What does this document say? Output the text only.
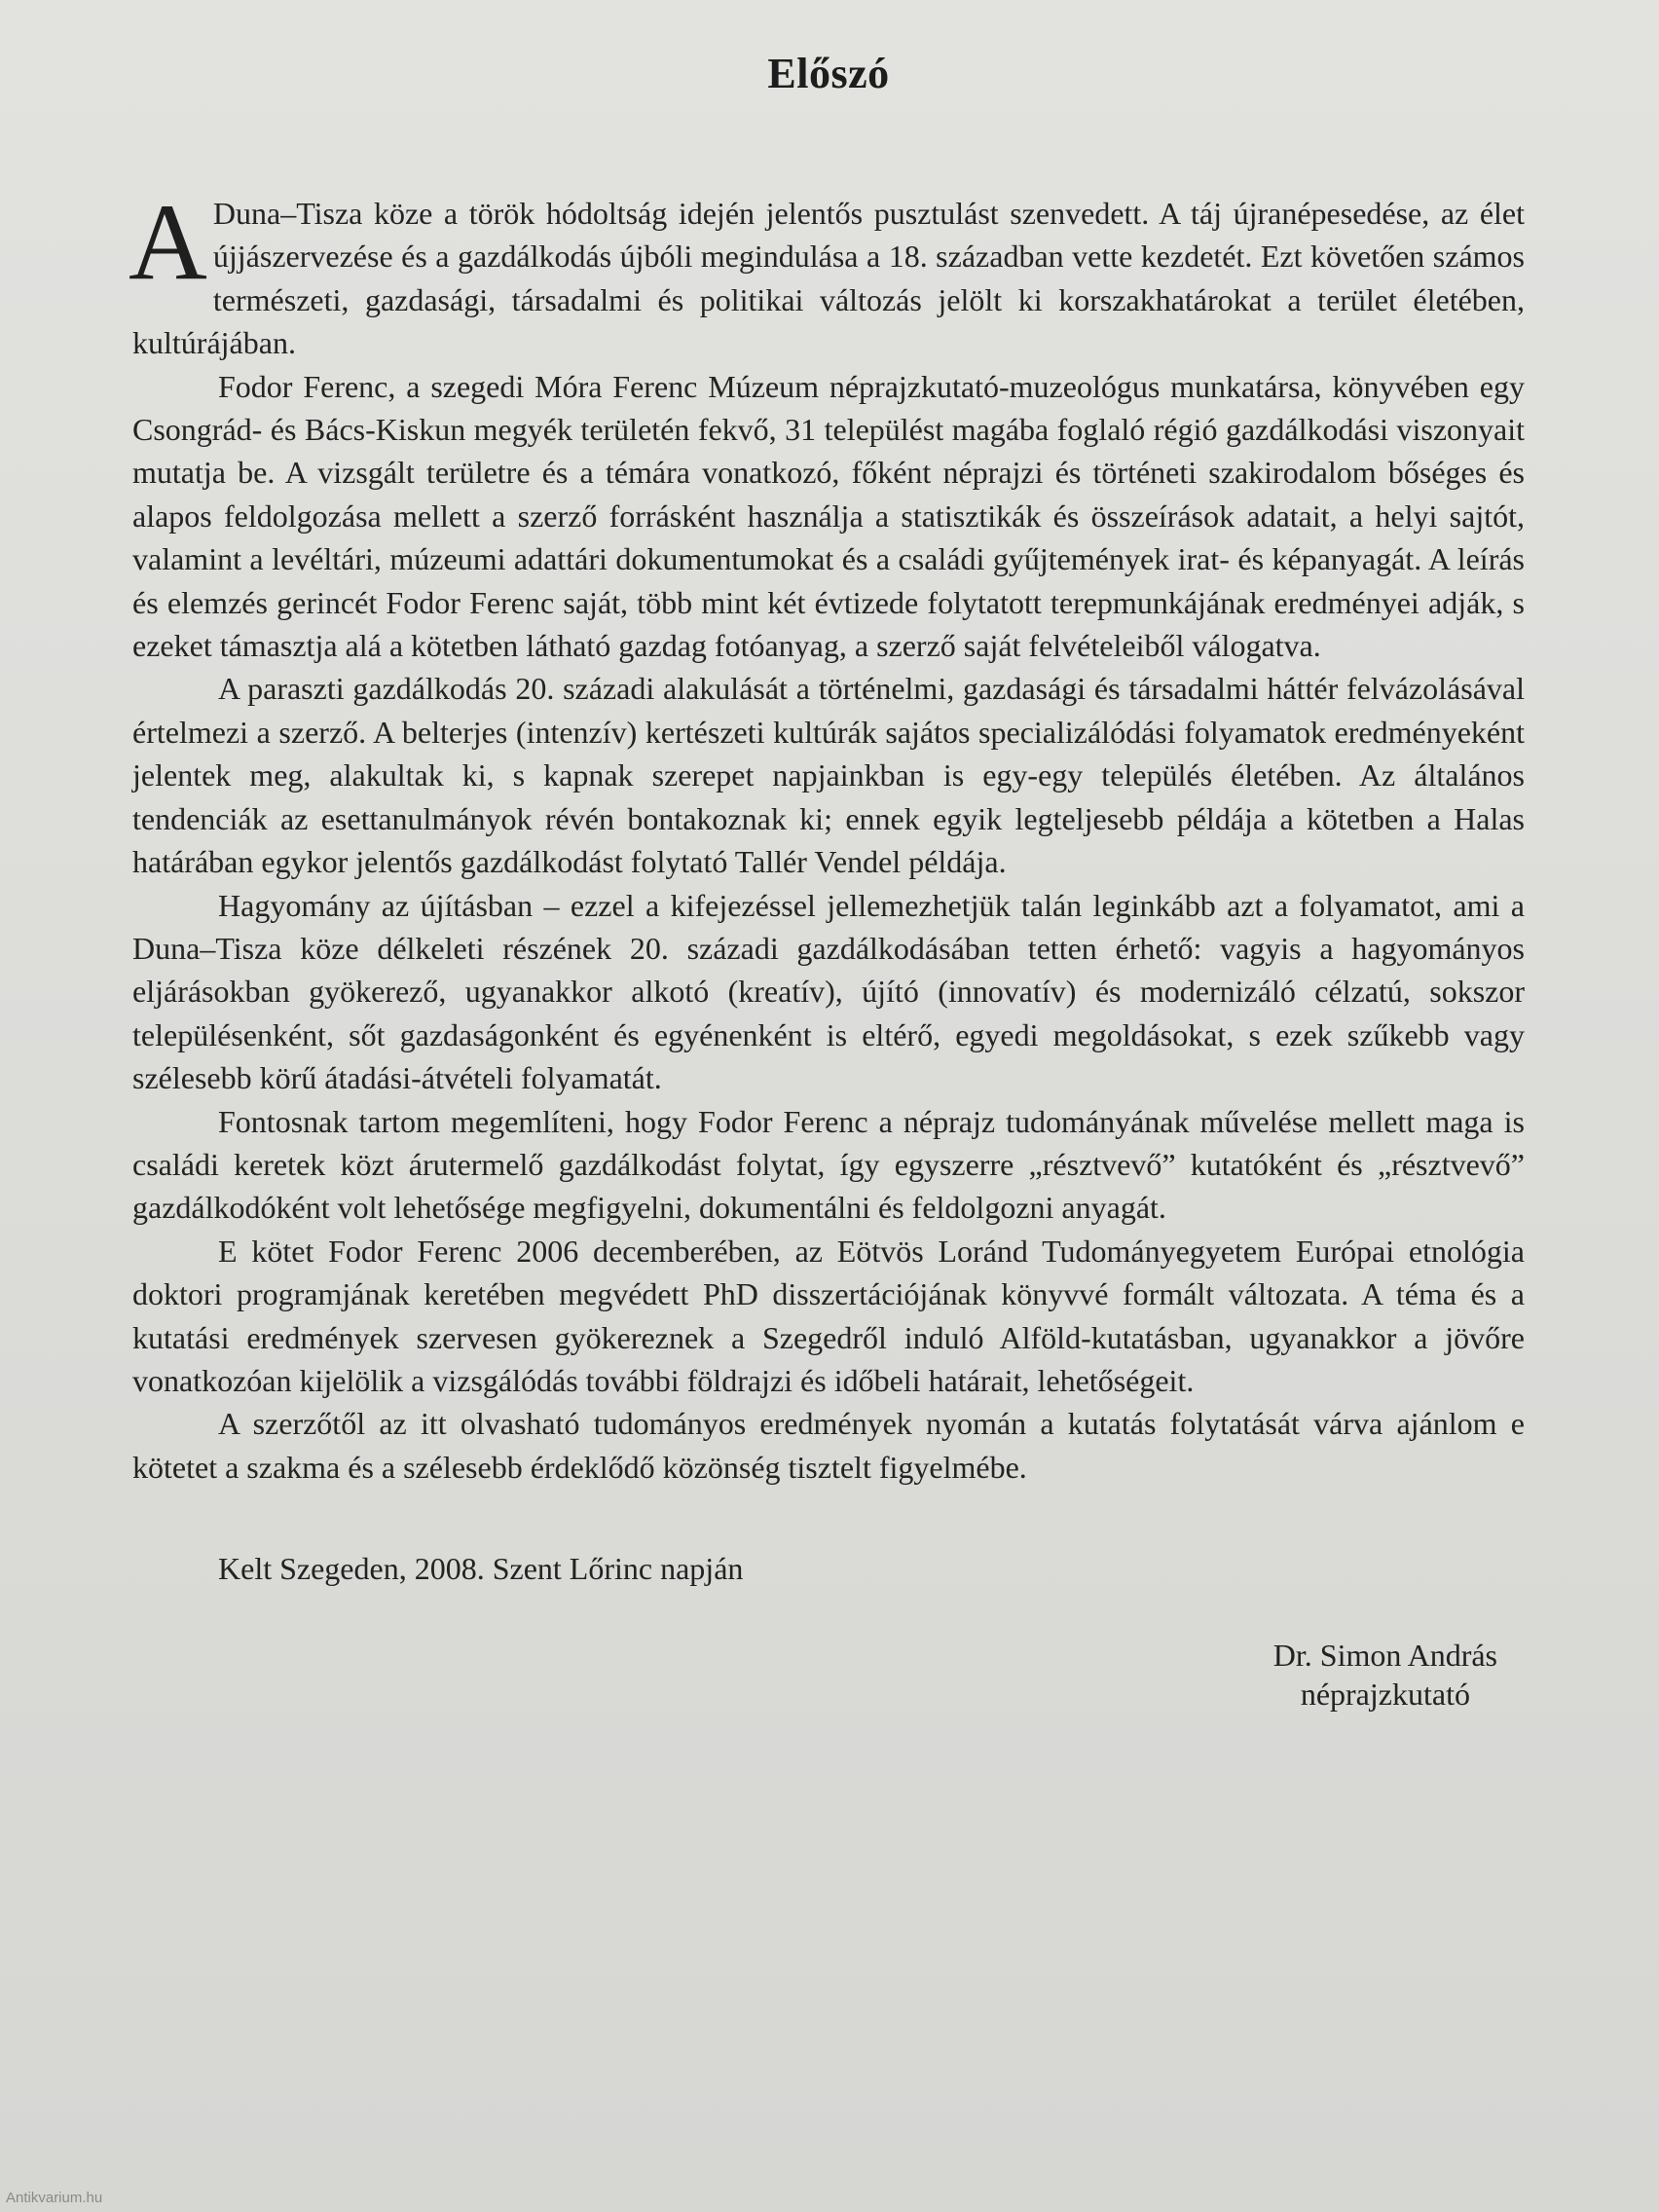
Előszó

A Duna–Tisza köze a török hódoltság idején jelentős pusztulást szenvedett. A táj újranépesedése, az élet újjászervezése és a gazdálkodás újbóli megindulása a 18. században vette kezdetét. Ezt követően számos természeti, gazdasági, társadalmi és politikai változás jelölt ki korszakhatárokat a terület életében, kultúrájában.

Fodor Ferenc, a szegedi Móra Ferenc Múzeum néprajzkutató-muzeológus munkatársa, könyvében egy Csongrád- és Bács-Kiskun megyék területén fekvő, 31 települést magába foglaló régió gazdálkodási viszonyait mutatja be. A vizsgált területre és a témára vonatkozó, főként néprajzi és történeti szakirodalom bőséges és alapos feldolgozása mellett a szerző forrásként használja a statisztikák és összeírások adatait, a helyi sajtót, valamint a levéltári, múzeumi adattári dokumentumokat és a családi gyűjtemények irat- és képanyagát. A leírás és elemzés gerincét Fodor Ferenc saját, több mint két évtizede folytatott terepmunkájának eredményei adják, s ezeket támasztja alá a kötetben látható gazdag fotóanyag, a szerző saját felvételeiből válogatva.

A paraszti gazdálkodás 20. századi alakulását a történelmi, gazdasági és társadalmi háttér felvázolásával értelmezi a szerző. A belterjes (intenzív) kertészeti kultúrák sajátos specializálódási folyamatok eredményeként jelentek meg, alakultak ki, s kapnak szerepet napjainkban is egy-egy település életében. Az általános tendenciák az esettanulmányok révén bontakoznak ki; ennek egyik legteljesebb példája a kötetben a Halas határában egykor jelentős gazdálkodást folytató Tallér Vendel példája.

Hagyomány az újításban – ezzel a kifejezéssel jellemezhetjük talán leginkább azt a folyamatot, ami a Duna–Tisza köze délkeleti részének 20. századi gazdálkodásában tetten érhető: vagyis a hagyományos eljárásokban gyökerező, ugyanakkor alkotó (kreatív), újító (innovatív) és modernizáló célzatú, sokszor településenként, sőt gazdaságonként és egyénenként is eltérő, egyedi megoldásokat, s ezek szűkebb vagy szélesebb körű átadási-átvételi folyamatát.

Fontosnak tartom megemlíteni, hogy Fodor Ferenc a néprajz tudományának művelése mellett maga is családi keretek közt árutermelő gazdálkodást folytat, így egyszerre „résztvevő” kutatóként és „résztvevő” gazdálkodóként volt lehetősége megfigyelni, dokumentálni és feldolgozni anyagát.

E kötet Fodor Ferenc 2006 decemberében, az Eötvös Loránd Tudományegyetem Európai etnológia doktori programjának keretében megvédett PhD disszertációjának könyvvé formált változata. A téma és a kutatási eredmények szervesen gyökereznek a Szegedről induló Alföld-kutatásban, ugyanakkor a jövőre vonatkozóan kijelölik a vizsgálódás további földrajzi és időbeli határait, lehetőségeit.

A szerzőtől az itt olvasható tudományos eredmények nyomán a kutatás folytatását várva ajánlom e kötetet a szakma és a szélesebb érdeklődő közönség tisztelt figyelmébe.

Kelt Szegeden, 2008. Szent Lőrinc napján
Dr. Simon András
néprajzkutató
Antikvarium.hu
